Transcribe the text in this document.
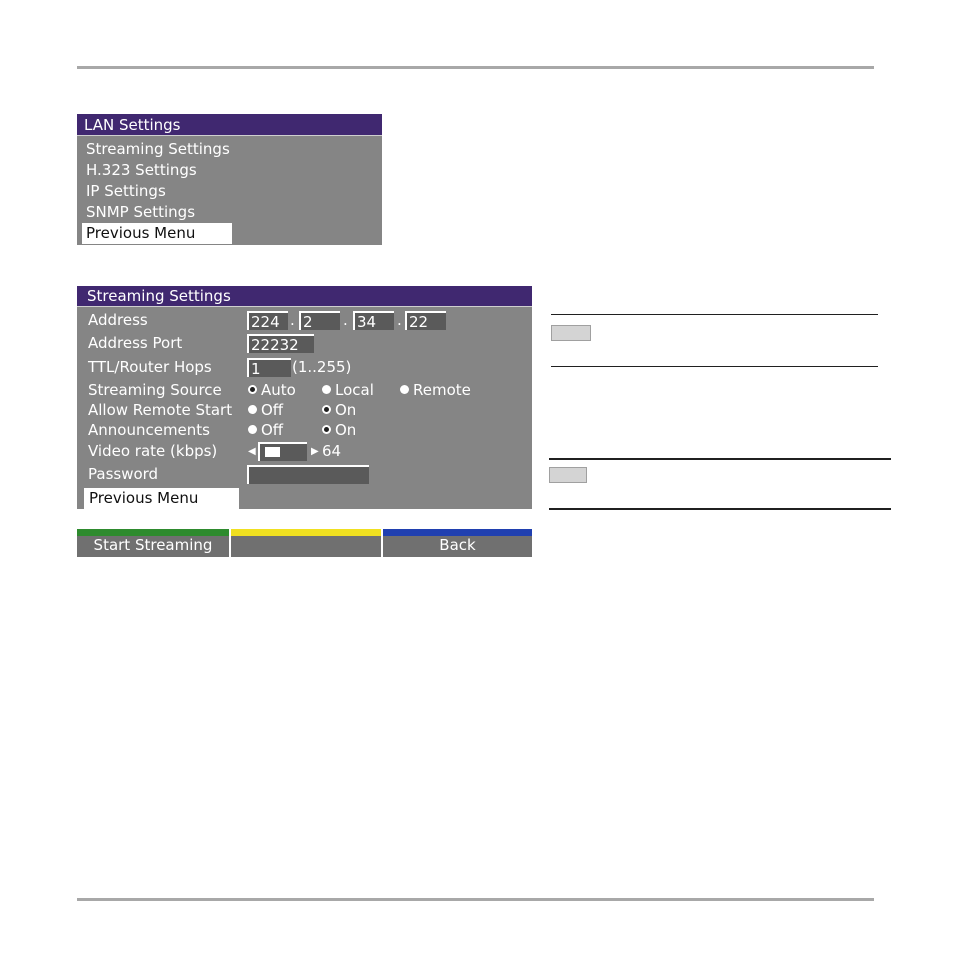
LAN Settings
Streaming Settings
H.323 Settings
IP Settings
SNMP Settings
Previous Menu
Streaming Settings
Address	224 . 2	. 34	. 22
Address Port	22232
TTL/Router Hops	1	(1..255)
Streaming Source	Auto	Local	Remote
Allow Remote Start	Off	On
Announcements	Off	On
Video rate (kbps)	◀	▶ 64
Password
Previous Menu
Start Streaming	Back
